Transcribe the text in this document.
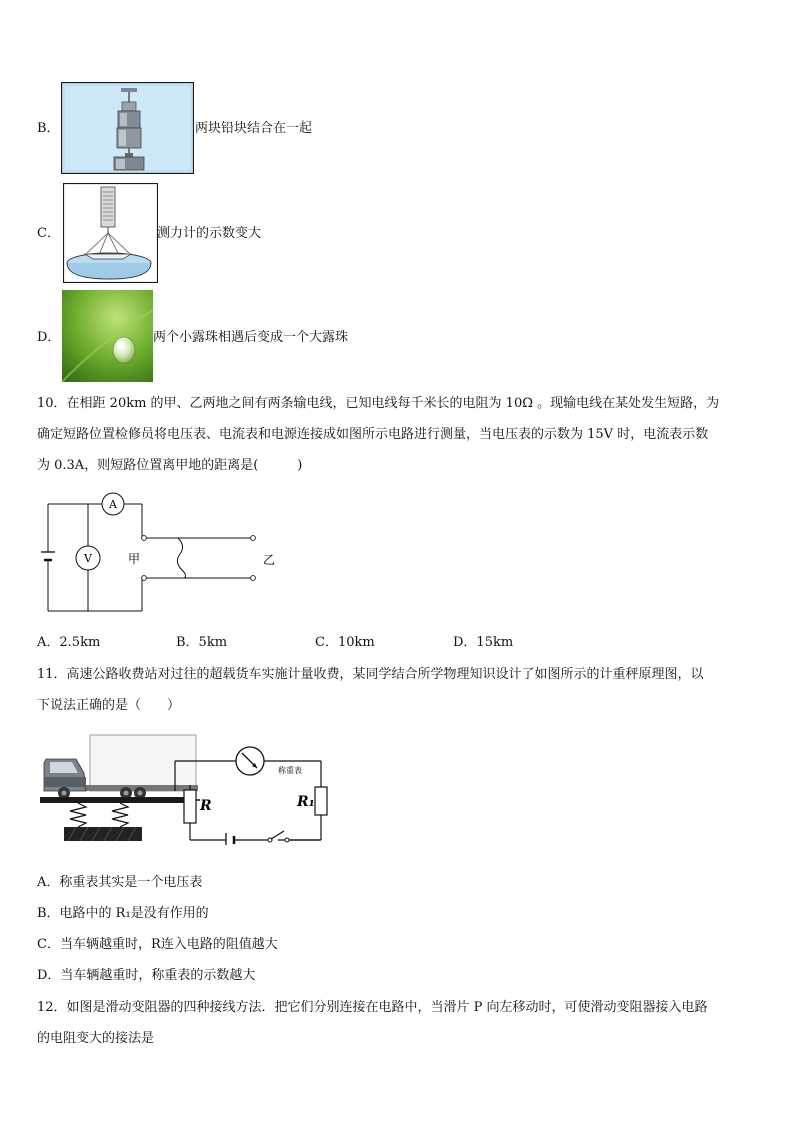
B．	两块铅块结合在一起
C．	测力计的示数变大
D．	两个小露珠相遇后变成一个大露珠
10．在相距 20km 的甲、乙两地之间有两条输电线，已知电线每千米长的电阻为 10Ω 。现输电线在某处发生短路，为
确定短路位置检修员将电压表、电流表和电源连接成如图所示电路进行测量，当电压表的示数为 15V 时，电流表示数
为 0.3A，则短路位置离甲地的距离是(　　　)
A
V	甲	乙
A．2.5km	B．5km	C．10km	D．15km
11．高速公路收费站对过往的超载货车实施计量收费，某同学结合所学物理知识设计了如图所示的计重秤原理图，以
下说法正确的是（　　）
称重表
R	R₁
A．称重表其实是一个电压表
B．电路中的 R₁是没有作用的
C．当车辆越重时，R连入电路的阻值越大
D．当车辆越重时，称重表的示数越大
12．如图是滑动变阻器的四种接线方法．把它们分别连接在电路中，当滑片 P 向左移动时，可使滑动变阻器接入电路
的电阻变大的接法是
